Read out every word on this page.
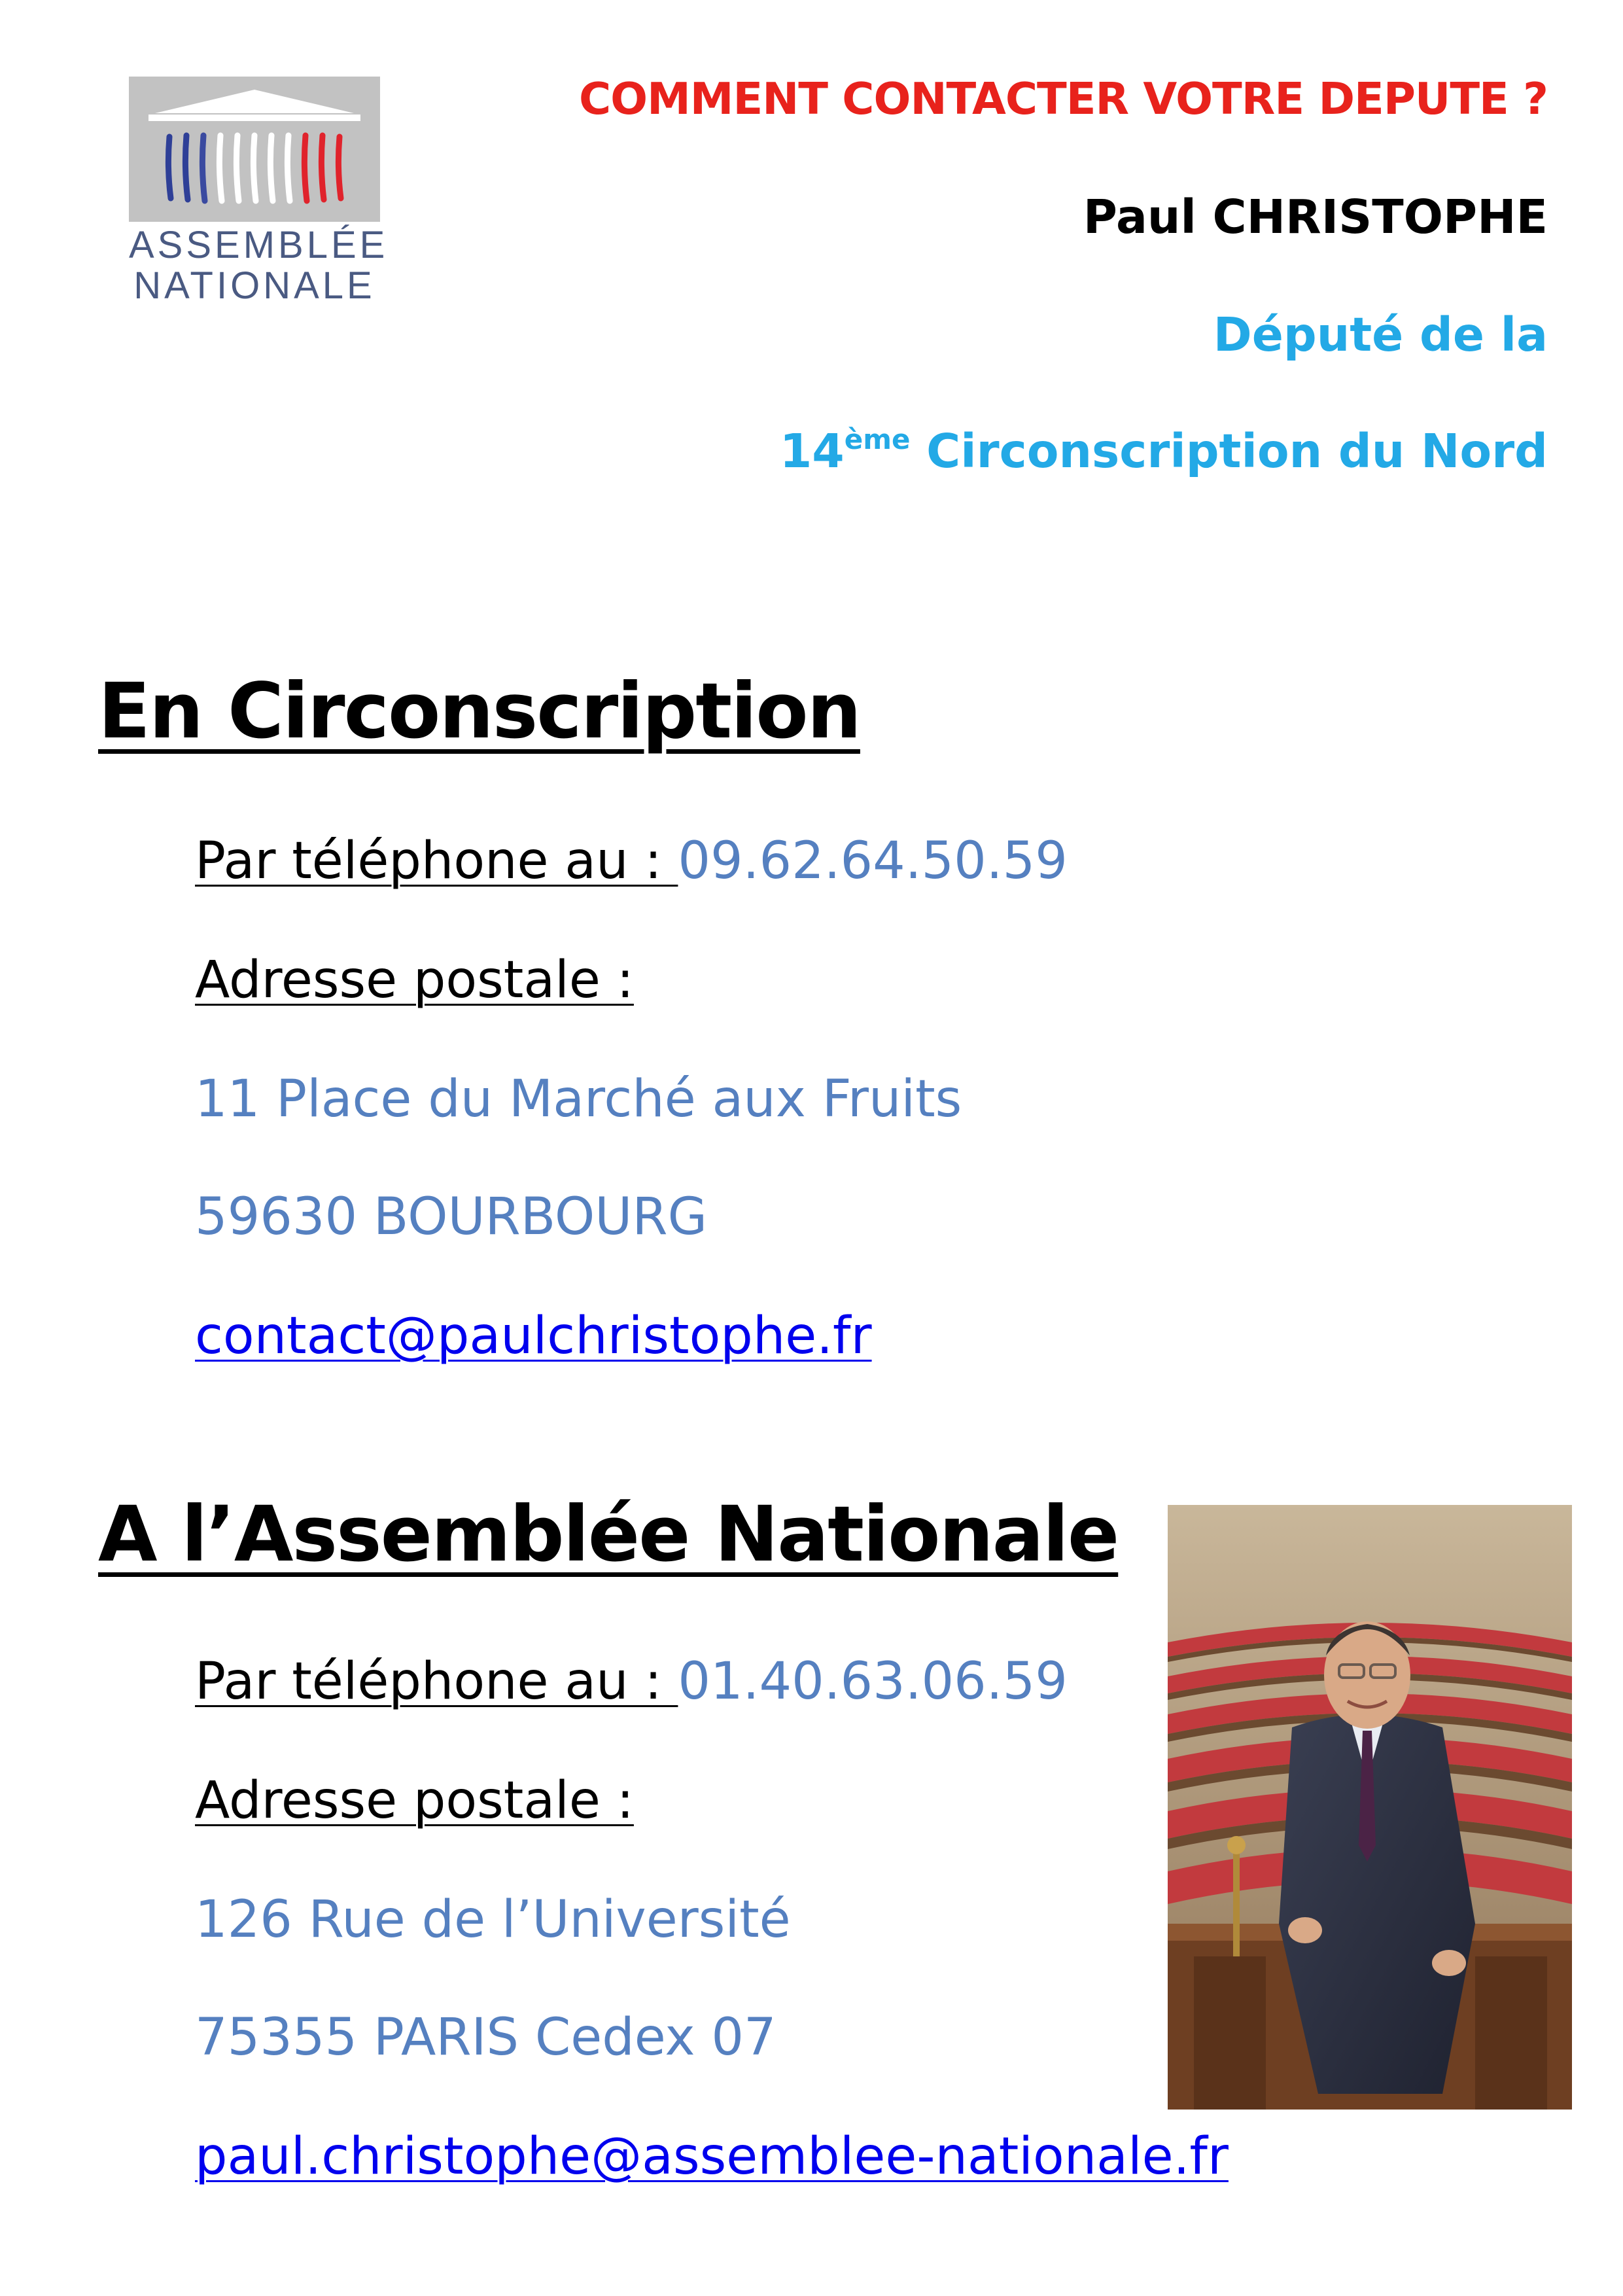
ASSEMBLÉE
NATIONALE
COMMENT CONTACTER VOTRE DEPUTE ?
Paul CHRISTOPHE
Député de la
14ème Circonscription du Nord
En Circonscription
Par téléphone au : 09.62.64.50.59
Adresse postale :
11 Place du Marché aux Fruits
59630 BOURBOURG
contact@paulchristophe.fr
A l’Assemblée Nationale
Par téléphone au : 01.40.63.06.59
Adresse postale :
126 Rue de l’Université
75355 PARIS Cedex 07
paul.christophe@assemblee-nationale.fr
